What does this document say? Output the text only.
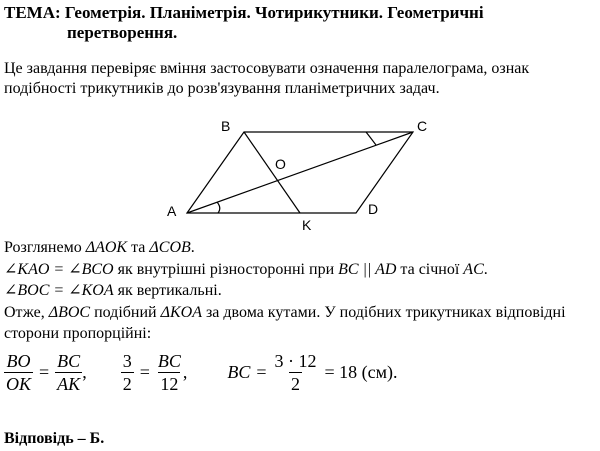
ТЕМА: Геометрія. Планіметрія. Чотирикутники. Геометричні
перетворення.
Це завдання перевіряє вміння застосовувати означення паралелограма, ознак подібності трикутників до розв'язування планіметричних задач.
B	C
A	D
O
K
Розглянемо ΔAOK та ΔCOB.
∠KAO = ∠BCO як внутрішні різносторонні при BC || AD та січної AC.
∠BOC = ∠KOA як вертикальні.
Отже, ΔBOC подібний ΔKOA за двома кутами. У подібних трикутниках відповідні сторони пропорційні:
$\frac{BO}{OK} = \frac{BC}{AK}$ , $\frac{3}{2} = \frac{BC}{12}$ , BC = $\frac{3 \cdot 12}{2} = 18$ (см).
Відповідь – Б.
